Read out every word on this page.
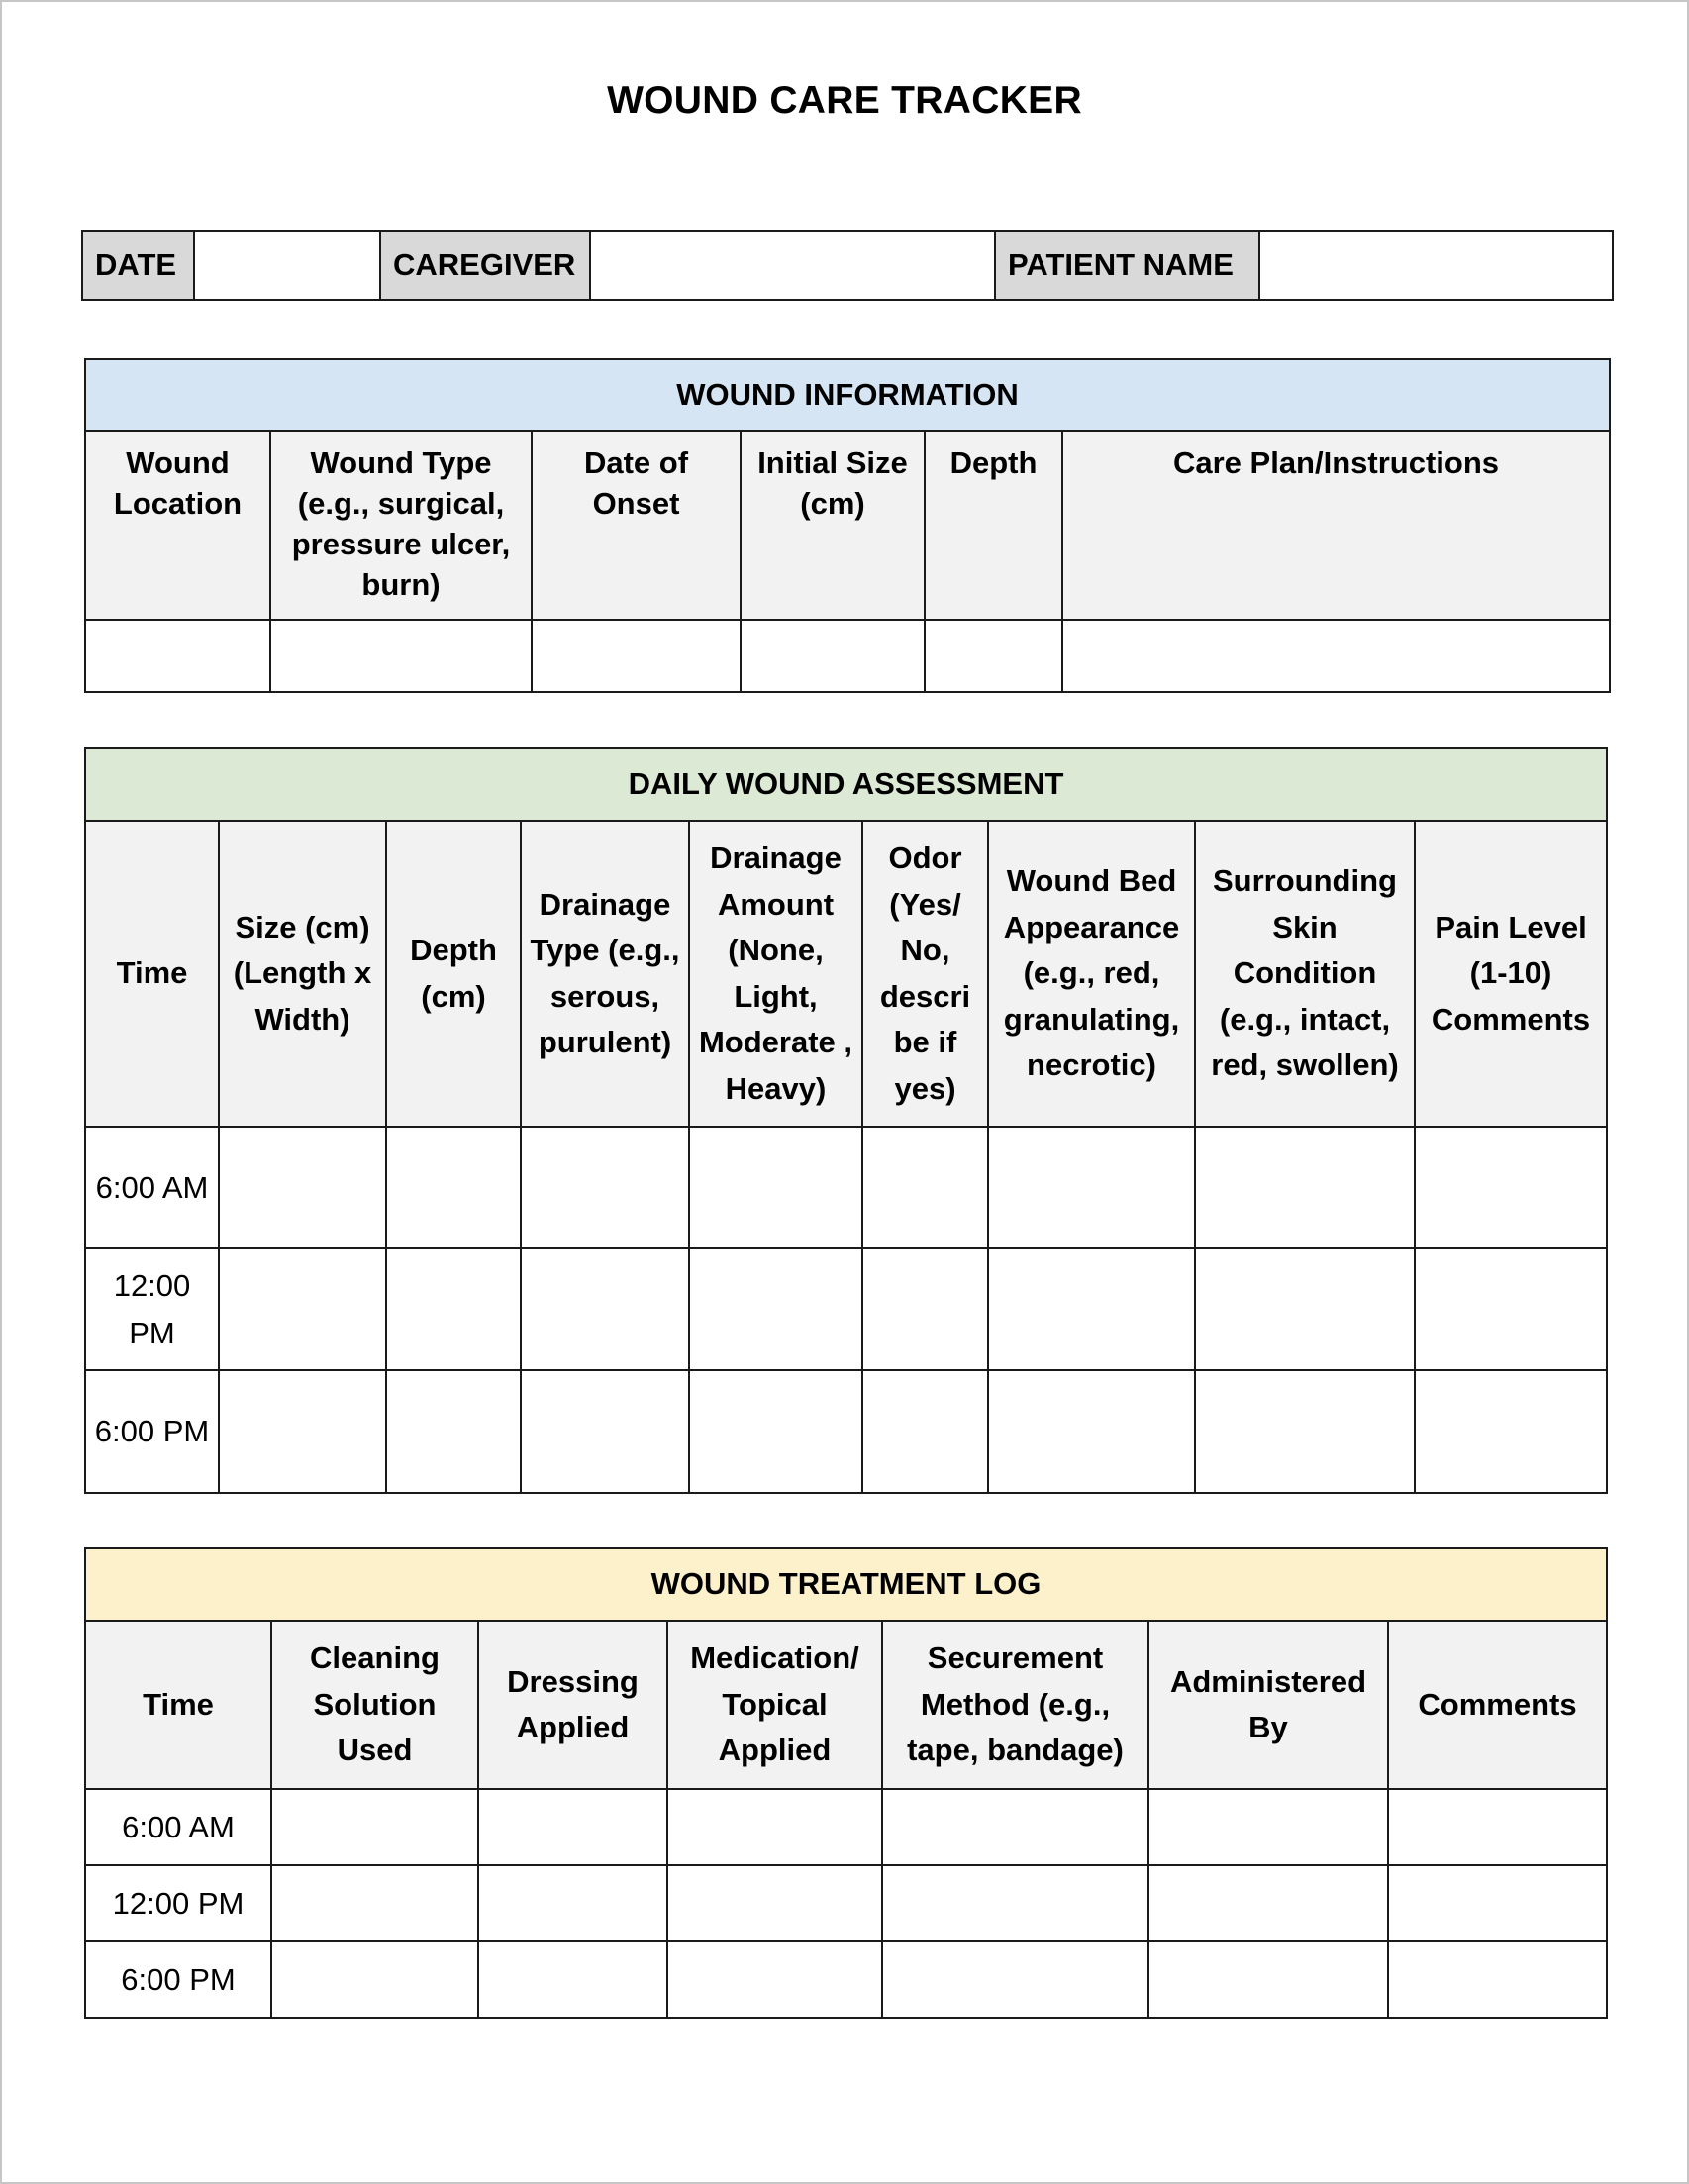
WOUND CARE TRACKER
DATE		CAREGIVER		PATIENT NAME	
WOUND INFORMATION					
Wound Location	Wound Type (e.g., surgical, pressure ulcer, burn)	Date of Onset	Initial Size (cm)	Depth	Care Plan/Instructions

DAILY WOUND ASSESSMENT								
Time	Size (cm) (Length x Width)	Depth (cm)	Drainage Type (e.g., serous, purulent)	Drainage Amount (None, Light, Moderate , Heavy)	Odor (Yes/ No, descri be if yes)	Wound Bed Appearance (e.g., red, granulating, necrotic)	Surrounding Skin Condition (e.g., intact, red, swollen)	Pain Level (1-10) Comments
6:00 AM								
12:00 PM								
6:00 PM								
WOUND TREATMENT LOG						
Time	Cleaning Solution Used	Dressing Applied	Medication/ Topical Applied	Securement Method (e.g., tape, bandage)	Administered By	Comments
6:00 AM						
12:00 PM						
6:00 PM						
